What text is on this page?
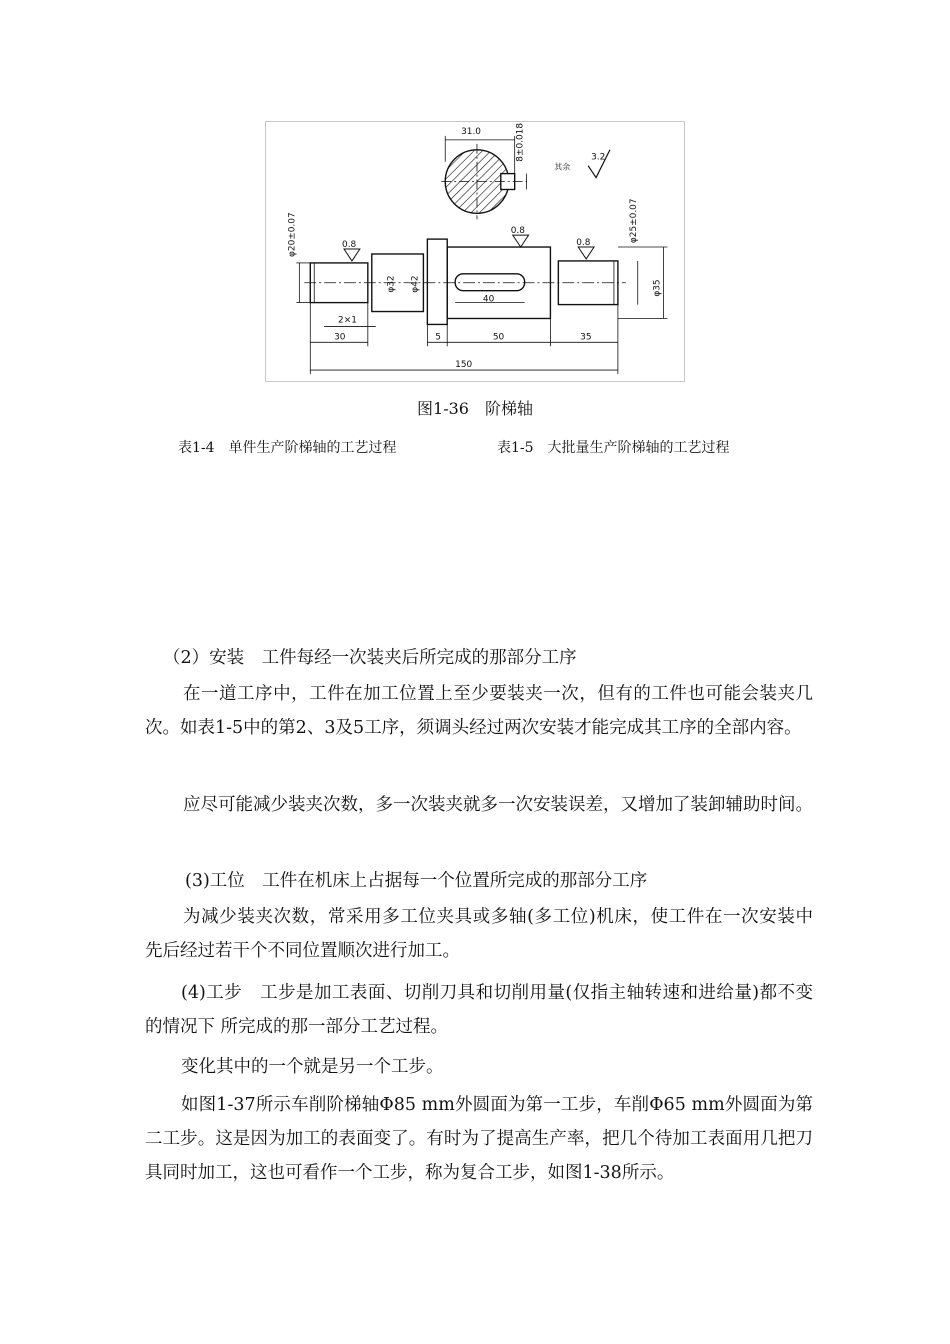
31.0	8±0.018
其余
3.2
0.8
0.8
0.8
φ20±0.07
φ32 φ42
φ25±0.07
φ35
2×1
30	5	50	35
40
150
图1-36　阶梯轴
表1-4　单件生产阶梯轴的工艺过程	表1-5　大批量生产阶梯轴的工艺过程

（2）安装　工件每经一次装夹后所完成的那部分工序

在一道工序中，工件在加工位置上至少要装夹一次，但有的工件也可能会装夹几次。如表1-5中的第2、3及5工序，须调头经过两次安装才能完成其工序的全部内容。

应尽可能减少装夹次数，多一次装夹就多一次安装误差，又增加了装卸辅助时间。

(3)工位　工件在机床上占据每一个位置所完成的那部分工序

为减少装夹次数，常采用多工位夹具或多轴(多工位)机床，使工件在一次安装中 先后经过若干个不同位置顺次进行加工。

(4)工步　工步是加工表面、切削刀具和切削用量(仅指主轴转速和进给量)都不变的情况下 所完成的那一部分工艺过程。

变化其中的一个就是另一个工步。

如图1-37所示车削阶梯轴Φ85 mm外圆面为第一工步，车削Φ65 mm外圆面为第二工步。这是因为加工的表面变了。有时为了提高生产率，把几个待加工表面用几把刀具同时加工，这也可看作一个工步，称为复合工步，如图1-38所示。
